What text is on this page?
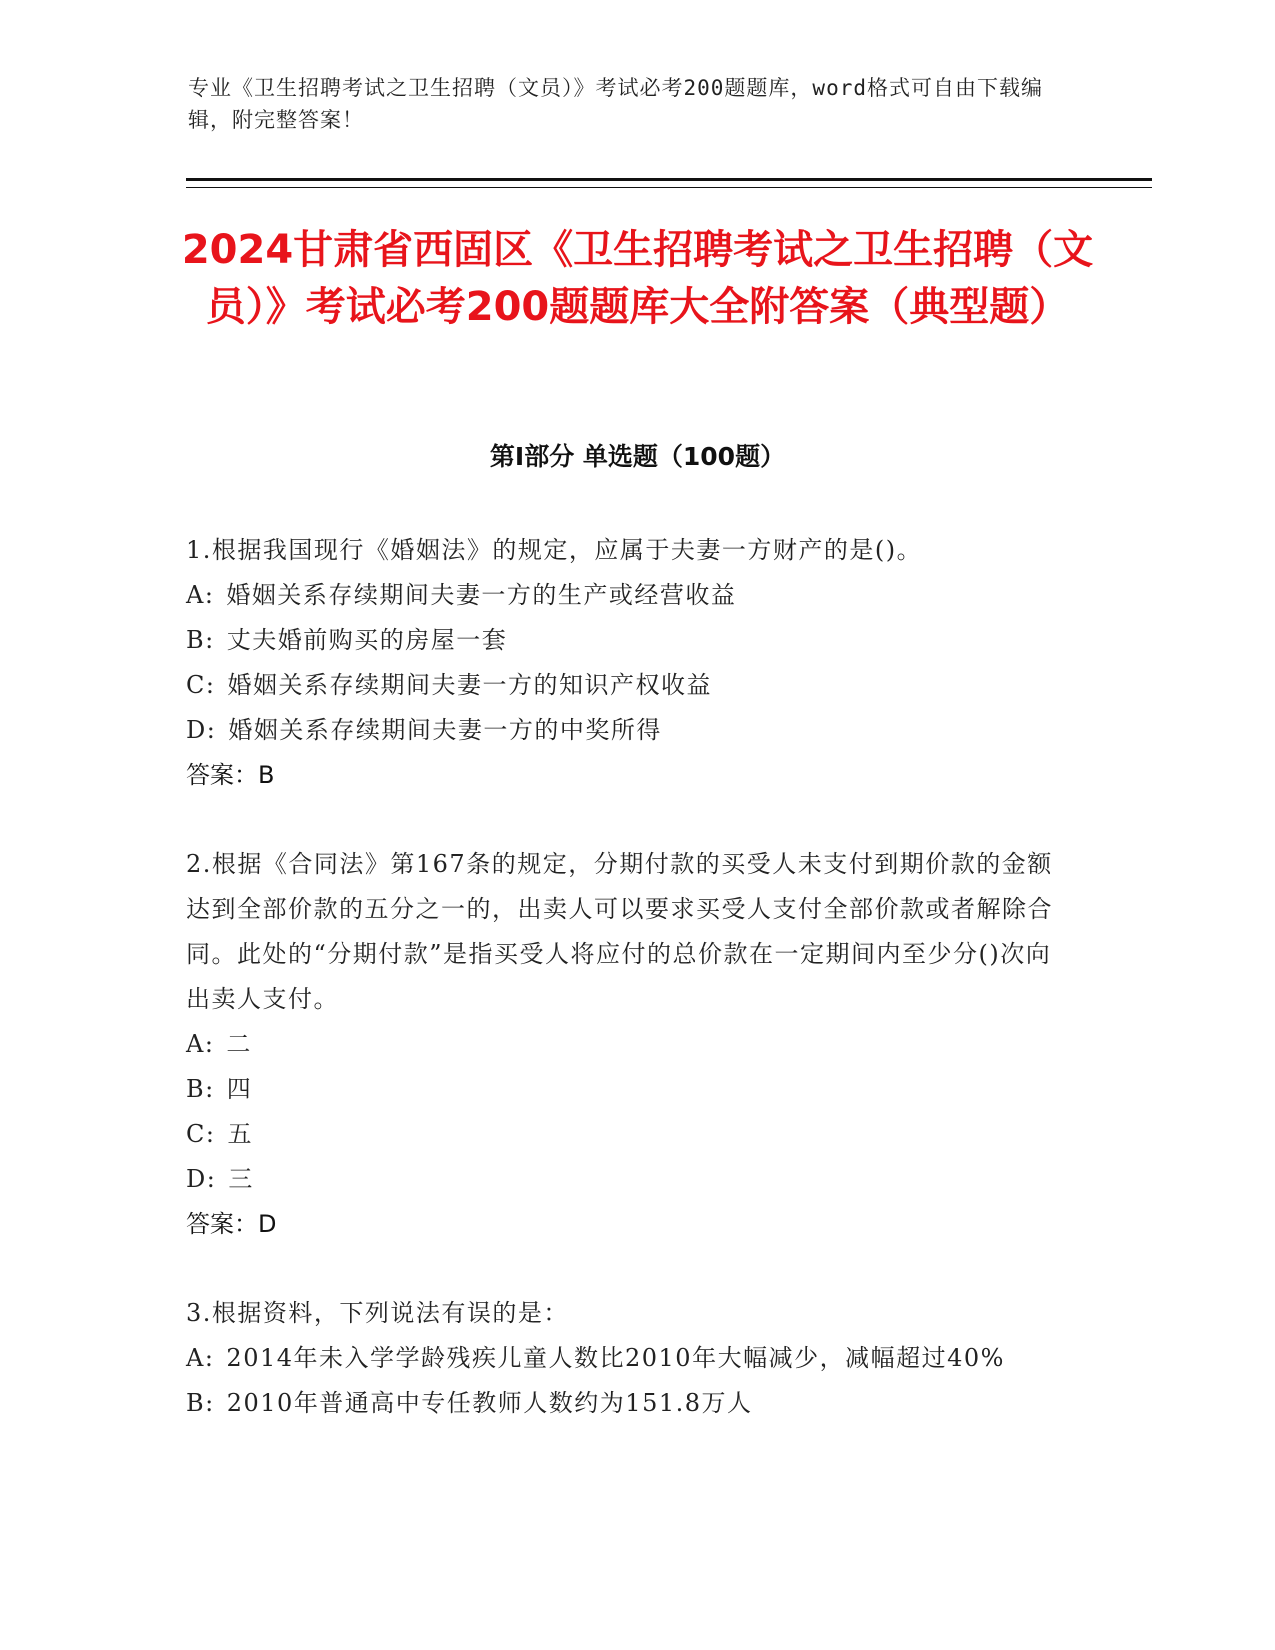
专业《卫生招聘考试之卫生招聘（文员）》考试必考200题题库，word格式可自由下载编辑，附完整答案！
2024甘肃省西固区《卫生招聘考试之卫生招聘（文员）》考试必考200题题库大全附答案（典型题）
第Ⅰ部分 单选题（100题）
1.根据我国现行《婚姻法》的规定，应属于夫妻一方财产的是()。
A: 婚姻关系存续期间夫妻一方的生产或经营收益
B: 丈夫婚前购买的房屋一套
C: 婚姻关系存续期间夫妻一方的知识产权收益
D: 婚姻关系存续期间夫妻一方的中奖所得
答案：B
2.根据《合同法》第167条的规定，分期付款的买受人未支付到期价款的金额达到全部价款的五分之一的，出卖人可以要求买受人支付全部价款或者解除合同。此处的“分期付款”是指买受人将应付的总价款在一定期间内至少分()次向出卖人支付。
A: 二
B: 四
C: 五
D: 三
答案：D
3.根据资料，下列说法有误的是：
A: 2014年未入学学龄残疾儿童人数比2010年大幅减少，减幅超过40%
B: 2010年普通高中专任教师人数约为151.8万人
